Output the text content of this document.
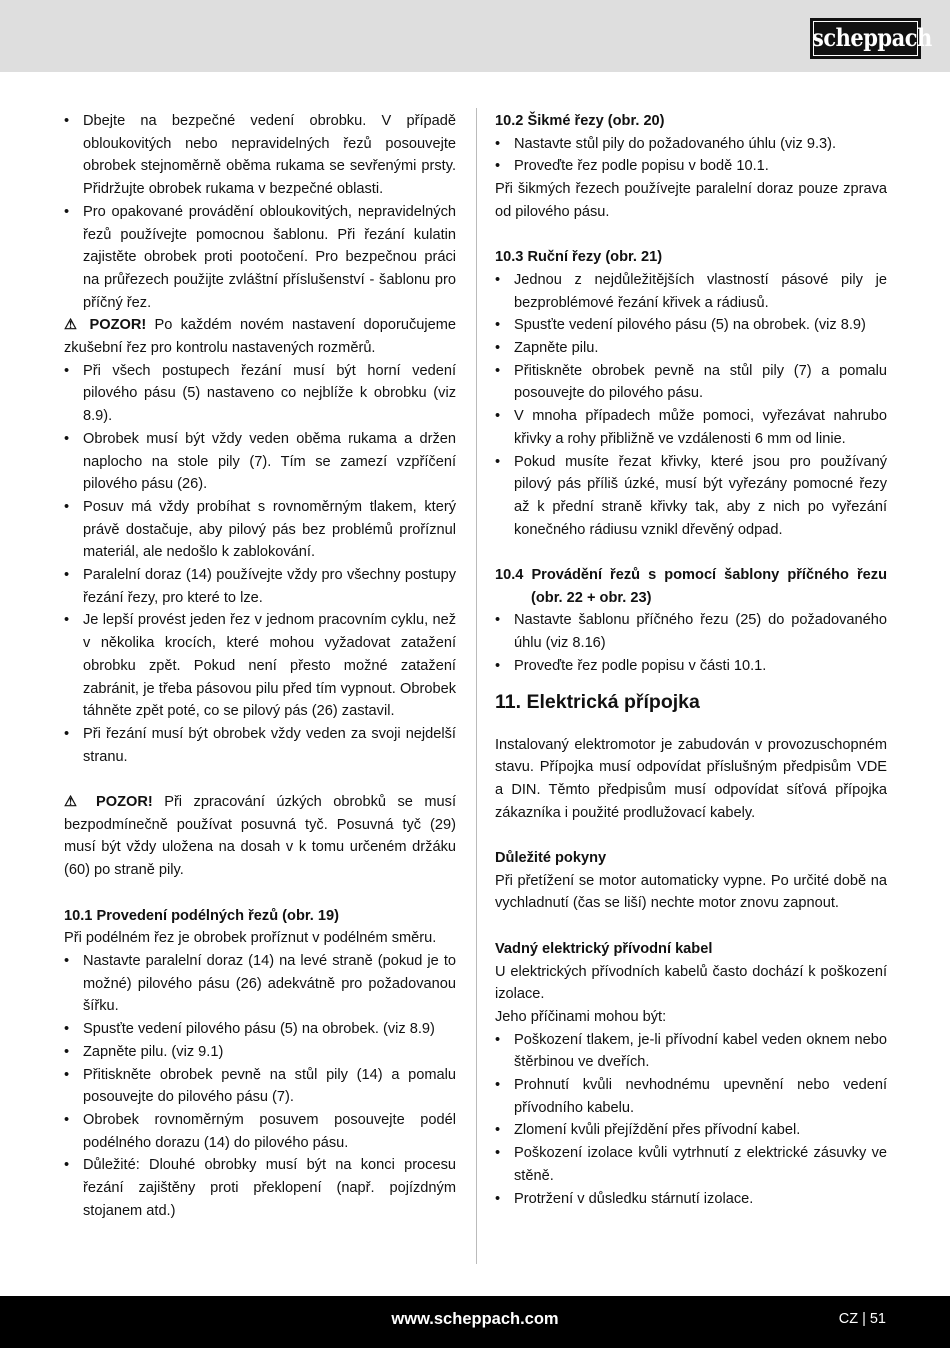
scheppach
• Dbejte na bezpečné vedení obrobku. V případě obloukovitých nebo nepravidelných řezů posouvejte obrobek stejnoměrně oběma rukama se sevřenými prsty. Přidržujte obrobek rukama v bezpečné oblasti.
• Pro opakované provádění obloukovitých, nepravidelných řezů používejte pomocnou šablonu. Při řezání kulatin zajistěte obrobek proti pootočení. Pro bezpečnou práci na průřezech použijte zvláštní příslušenství - šablonu pro příčný řez.

⚠ POZOR! Po každém novém nastavení doporučujeme zkušební řez pro kontrolu nastavených rozměrů.

• Při všech postupech řezání musí být horní vedení pilového pásu (5) nastaveno co nejblíže k obrobku (viz 8.9).
• Obrobek musí být vždy veden oběma rukama a držen naplocho na stole pily (7). Tím se zamezí vzpříčení pilového pásu (26).
• Posuv má vždy probíhat s rovnoměrným tlakem, který právě dostačuje, aby pilový pás bez problémů proříznul materiál, ale nedošlo k zablokování.
• Paralelní doraz (14) používejte vždy pro všechny postupy řezání řezy, pro které to lze.
• Je lepší provést jeden řez v jednom pracovním cyklu, než v několika krocích, které mohou vyžadovat zatažení obrobku zpět. Pokud není přesto možné zatažení zabránit, je třeba pásovou pilu před tím vypnout. Obrobek táhněte zpět poté, co se pilový pás (26) zastavil.
• Při řezání musí být obrobek vždy veden za svoji nejdelší stranu.

⚠ POZOR! Při zpracování úzkých obrobků se musí bezpodmínečně používat posuvná tyč. Posuvná tyč (29) musí být vždy uložena na dosah v k tomu určeném držáku (60) po straně pily.

10.1 Provedení podélných řezů (obr. 19)

Při podélném řez je obrobek proříznut v podélném směru.

• Nastavte paralelní doraz (14) na levé straně (pokud je to možné) pilového pásu (26) adekvátně pro požadovanou šířku.
• Spusťte vedení pilového pásu (5) na obrobek. (viz 8.9)
• Zapněte pilu. (viz 9.1)
• Přitiskněte obrobek pevně na stůl pily (14) a pomalu posouvejte do pilového pásu (7).
• Obrobek rovnoměrným posuvem posouvejte podél podélného dorazu (14) do pilového pásu.
• Důležité: Dlouhé obrobky musí být na konci procesu řezání zajištěny proti překlopení (např. pojízdným stojanem atd.)

10.2 Šikmé řezy (obr. 20)

• Nastavte stůl pily do požadovaného úhlu (viz 9.3).
• Proveďte řez podle popisu v bodě 10.1.

Při šikmých řezech používejte paralelní doraz pouze zprava od pilového pásu.

10.3 Ruční řezy (obr. 21)

• Jednou z nejdůležitějších vlastností pásové pily je bezproblémové řezání křivek a rádiusů.
• Spusťte vedení pilového pásu (5) na obrobek. (viz 8.9)
• Zapněte pilu.
• Přitiskněte obrobek pevně na stůl pily (7) a pomalu posouvejte do pilového pásu.
• V mnoha případech může pomoci, vyřezávat nahrubo křivky a rohy přibližně ve vzdálenosti 6 mm od linie.
• Pokud musíte řezat křivky, které jsou pro používaný pilový pás příliš úzké, musí být vyřezány pomocné řezy až k přední straně křivky tak, aby z nich po vyřezání konečného rádiusu vznikl dřevěný odpad.

10.4 Provádění řezů s pomocí šablony příčného řezu (obr. 22 + obr. 23)

• Nastavte šablonu příčného řezu (25) do požadovaného úhlu (viz 8.16)
• Proveďte řez podle popisu v části 10.1.

11. Elektrická přípojka

Instalovaný elektromotor je zabudován v provozuschopném stavu. Přípojka musí odpovídat příslušným předpisům VDE a DIN. Těmto předpisům musí odpovídat síťová přípojka zákazníka i použité prodlužovací kabely.

Důležité pokyny

Při přetížení se motor automaticky vypne. Po určité době na vychladnutí (čas se liší) nechte motor znovu zapnout.

Vadný elektrický přívodní kabel

U elektrických přívodních kabelů často dochází k poškození izolace.

Jeho příčinami mohou být:

• Poškození tlakem, je-li přívodní kabel veden oknem nebo štěrbinou ve dveřích.
• Prohnutí kvůli nevhodnému upevnění nebo vedení přívodního kabelu.
• Zlomení kvůli přejíždění přes přívodní kabel.
• Poškození izolace kvůli vytrhnutí z elektrické zásuvky ve stěně.
• Protržení v důsledku stárnutí izolace.
www.scheppach.com	CZ | 51
